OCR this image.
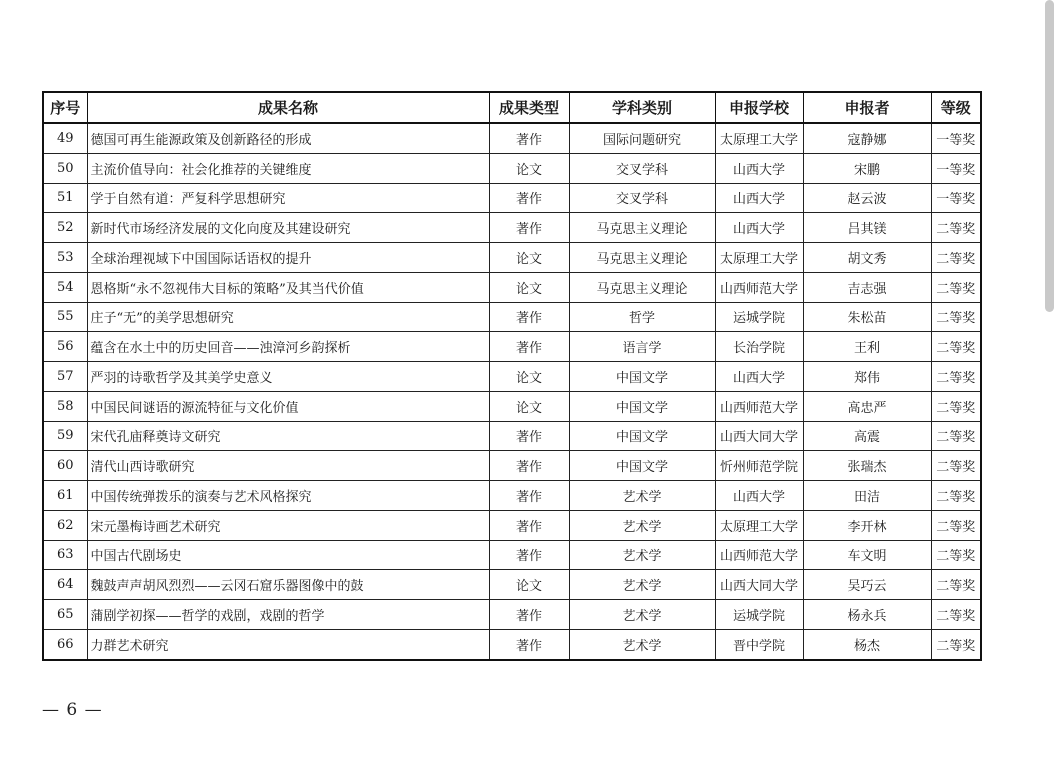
序号	成果名称	成果类型	学科类别	申报学校	申报者	等级
49	德国可再生能源政策及创新路径的形成	著作	国际问题研究	太原理工大学	寇静娜	一等奖
50	主流价值导向：社会化推荐的关键维度	论文	交叉学科	山西大学	宋鹏	一等奖
51	学于自然有道：严复科学思想研究	著作	交叉学科	山西大学	赵云波	一等奖
52	新时代市场经济发展的文化向度及其建设研究	著作	马克思主义理论	山西大学	吕其镁	二等奖
53	全球治理视域下中国国际话语权的提升	论文	马克思主义理论	太原理工大学	胡文秀	二等奖
54	恩格斯“永不忽视伟大目标的策略”及其当代价值	论文	马克思主义理论	山西师范大学	吉志强	二等奖
55	庄子“无”的美学思想研究	著作	哲学	运城学院	朱松苗	二等奖
56	蕴含在水土中的历史回音——浊漳河乡韵探析	著作	语言学	长治学院	王利	二等奖
57	严羽的诗歌哲学及其美学史意义	论文	中国文学	山西大学	郑伟	二等奖
58	中国民间谜语的源流特征与文化价值	论文	中国文学	山西师范大学	高忠严	二等奖
59	宋代孔庙释奠诗文研究	著作	中国文学	山西大同大学	高震	二等奖
60	清代山西诗歌研究	著作	中国文学	忻州师范学院	张瑞杰	二等奖
61	中国传统弹拨乐的演奏与艺术风格探究	著作	艺术学	山西大学	田洁	二等奖
62	宋元墨梅诗画艺术研究	著作	艺术学	太原理工大学	李开林	二等奖
63	中国古代剧场史	著作	艺术学	山西师范大学	车文明	二等奖
64	魏鼓声声胡风烈烈——云冈石窟乐器图像中的鼓	论文	艺术学	山西大同大学	吴巧云	二等奖
65	蒲剧学初探——哲学的戏剧，戏剧的哲学	著作	艺术学	运城学院	杨永兵	二等奖
66	力群艺术研究	著作	艺术学	晋中学院	杨杰	二等奖
— 6 —
